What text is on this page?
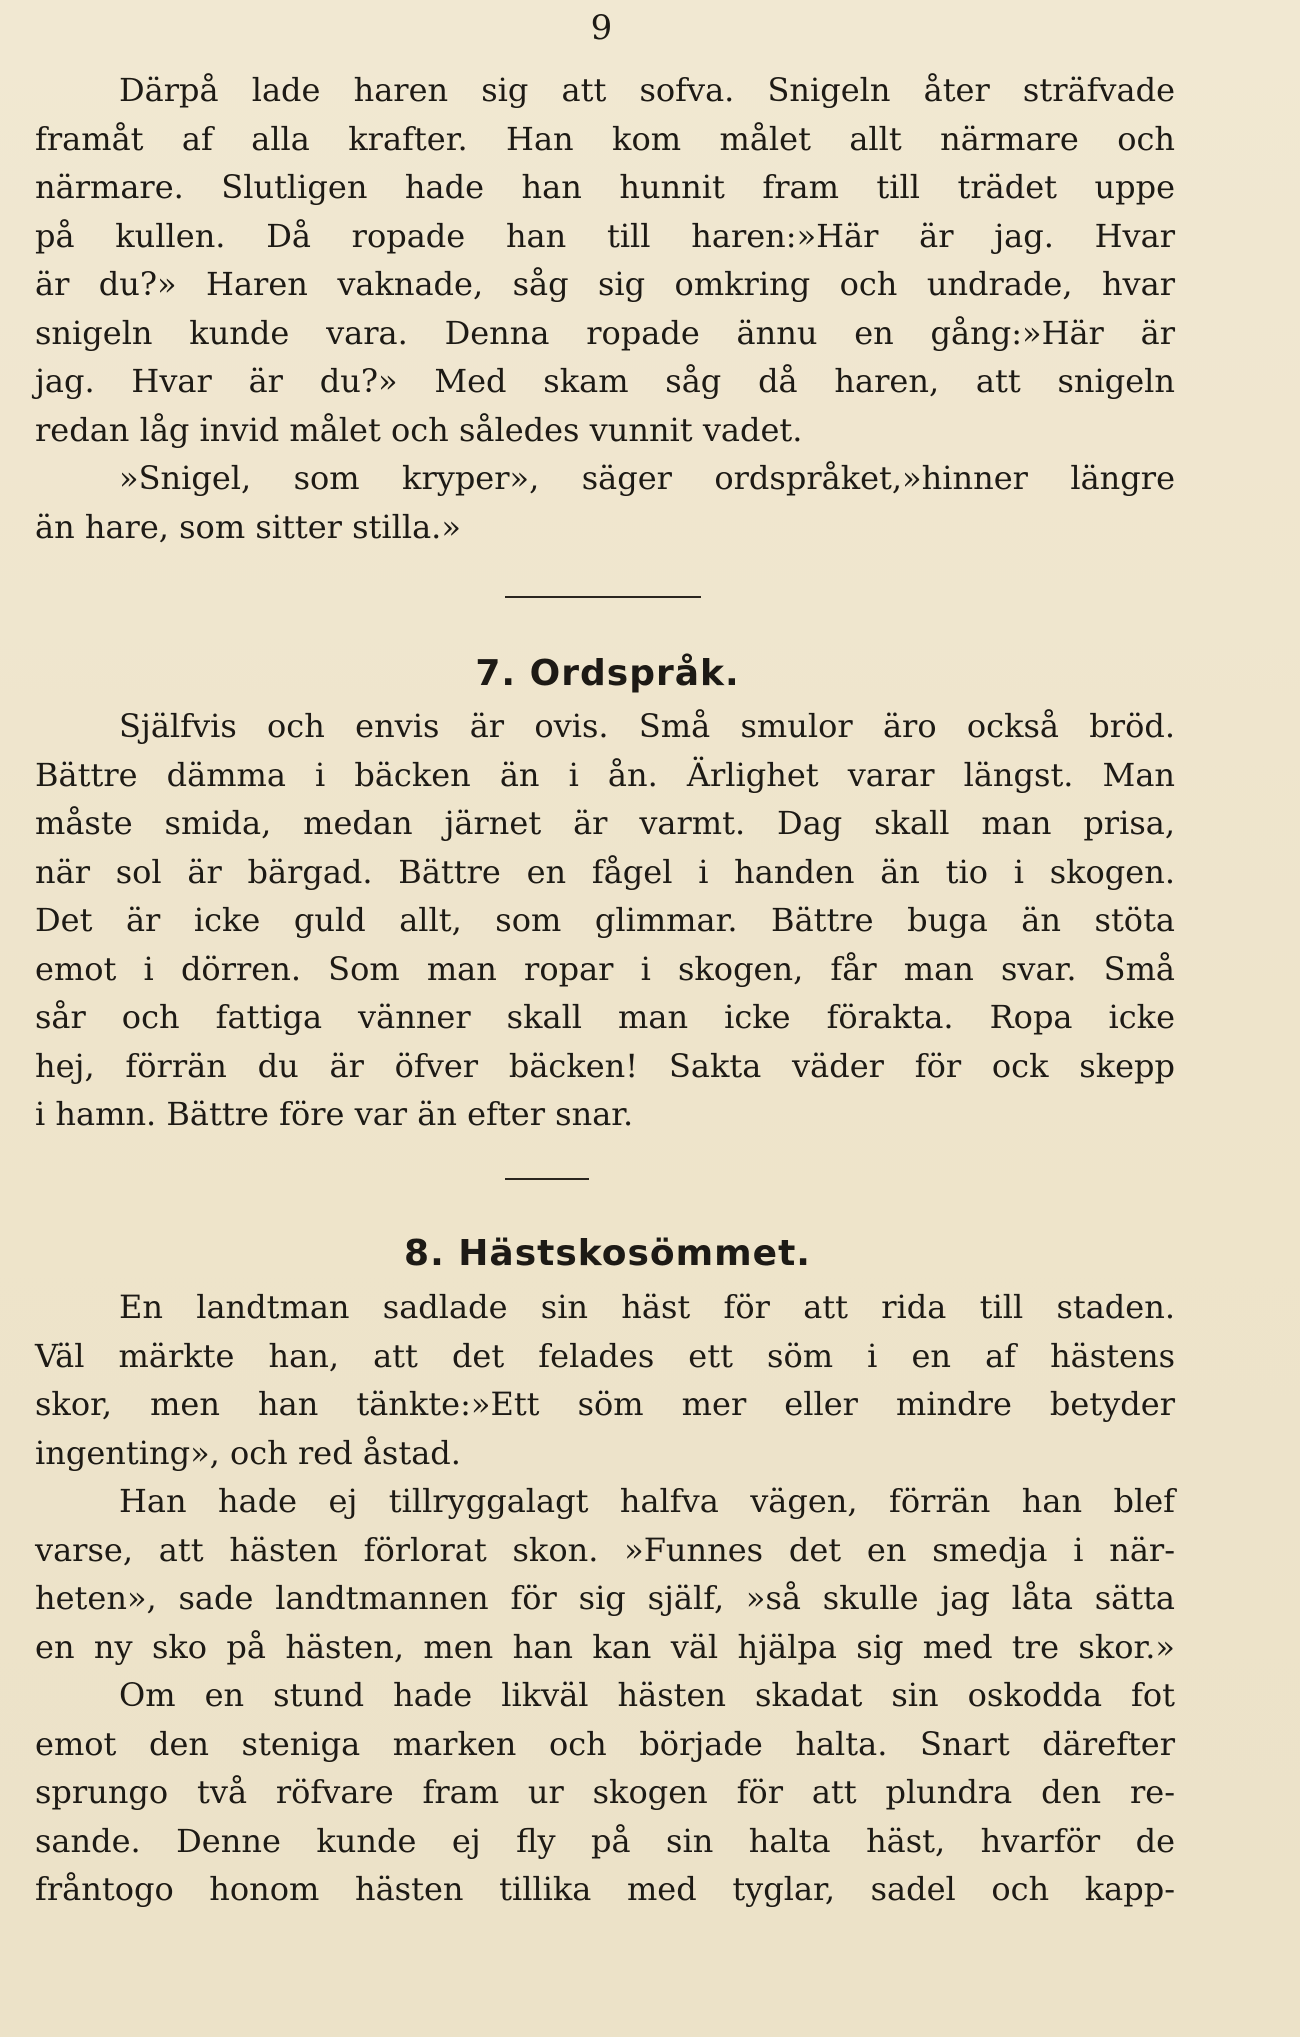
9
Därpå lade haren sig att sofva. Snigeln åter sträfvade
framåt af alla krafter. Han kom målet allt närmare och
närmare. Slutligen hade han hunnit fram till trädet uppe
på kullen. Då ropade han till haren:»Här är jag. Hvar
är du?» Haren vaknade, såg sig omkring och undrade, hvar
snigeln kunde vara. Denna ropade ännu en gång:»Här är
jag. Hvar är du?» Med skam såg då haren, att snigeln
redan låg invid målet och således vunnit vadet.
»Snigel, som kryper», säger ordspråket,»hinner längre
än hare, som sitter stilla.»
7. Ordspråk.
Själfvis och envis är ovis. Små smulor äro också bröd.
Bättre dämma i bäcken än i ån. Ärlighet varar längst. Man
måste smida, medan järnet är varmt. Dag skall man prisa,
när sol är bärgad. Bättre en fågel i handen än tio i skogen.
Det är icke guld allt, som glimmar. Bättre buga än stöta
emot i dörren. Som man ropar i skogen, får man svar. Små
sår och fattiga vänner skall man icke förakta. Ropa icke
hej, förrän du är öfver bäcken! Sakta väder för ock skepp
i hamn. Bättre före var än efter snar.
8. Hästskosömmet.
En landtman sadlade sin häst för att rida till staden.
Väl märkte han, att det felades ett söm i en af hästens
skor, men han tänkte:»Ett söm mer eller mindre betyder
ingenting», och red åstad.
Han hade ej tillryggalagt halfva vägen, förrän han blef
varse, att hästen förlorat skon. »Funnes det en smedja i när-
heten», sade landtmannen för sig själf, »så skulle jag låta sätta
en ny sko på hästen, men han kan väl hjälpa sig med tre skor.»
Om en stund hade likväl hästen skadat sin oskodda fot
emot den steniga marken och började halta. Snart därefter
sprungo två röfvare fram ur skogen för att plundra den re-
sande. Denne kunde ej fly på sin halta häst, hvarför de
fråntogo honom hästen tillika med tyglar, sadel och kapp-
